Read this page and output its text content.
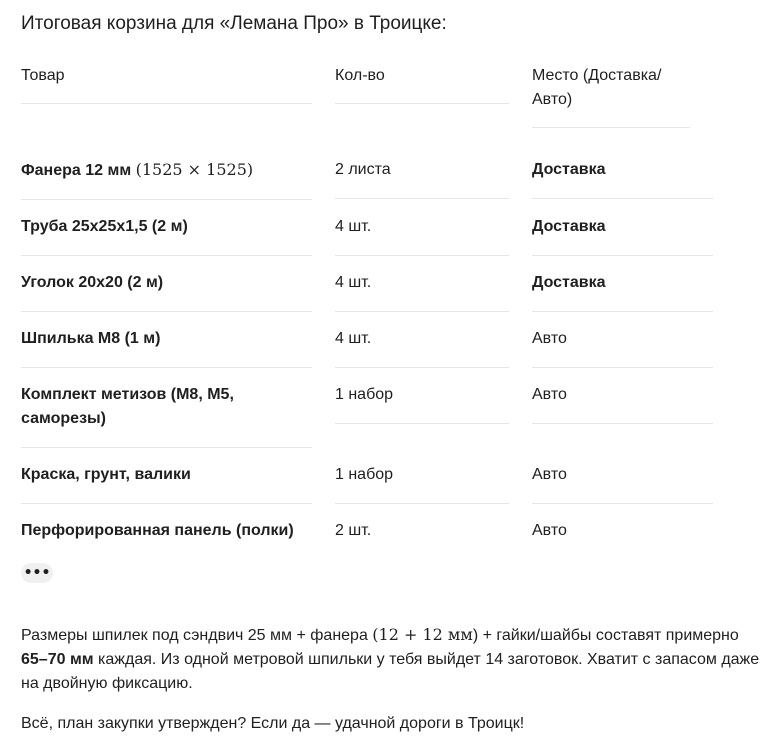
Итоговая корзина для «Лемана Про» в Троицке:
Товар	Кол-во	Место (Доставка/
Авто)

Фанера 12 мм (1525 × 1525)	2 листа	Доставка

Труба 25х25х1,5 (2 м)	4 шт.	Доставка

Уголок 20х20 (2 м)	4 шт.	Доставка

Шпилька М8 (1 м)	4 шт.	Авто

Комплект метизов (М8, М5, саморезы)	1 набор	Авто

Краска, грунт, валики	1 набор	Авто

Перфорированная панель (полки)	2 шт.	Авто
•••

Размеры шпилек под сэндвич 25 мм + фанера (12 + 12 мм) + гайки/шайбы составят примерно 65–70 мм каждая. Из одной метровой шпильки у тебя выйдет 14 заготовок. Хватит с запасом даже на двойную фиксацию.

Всё, план закупки утвержден? Если да — удачной дороги в Троицк!
